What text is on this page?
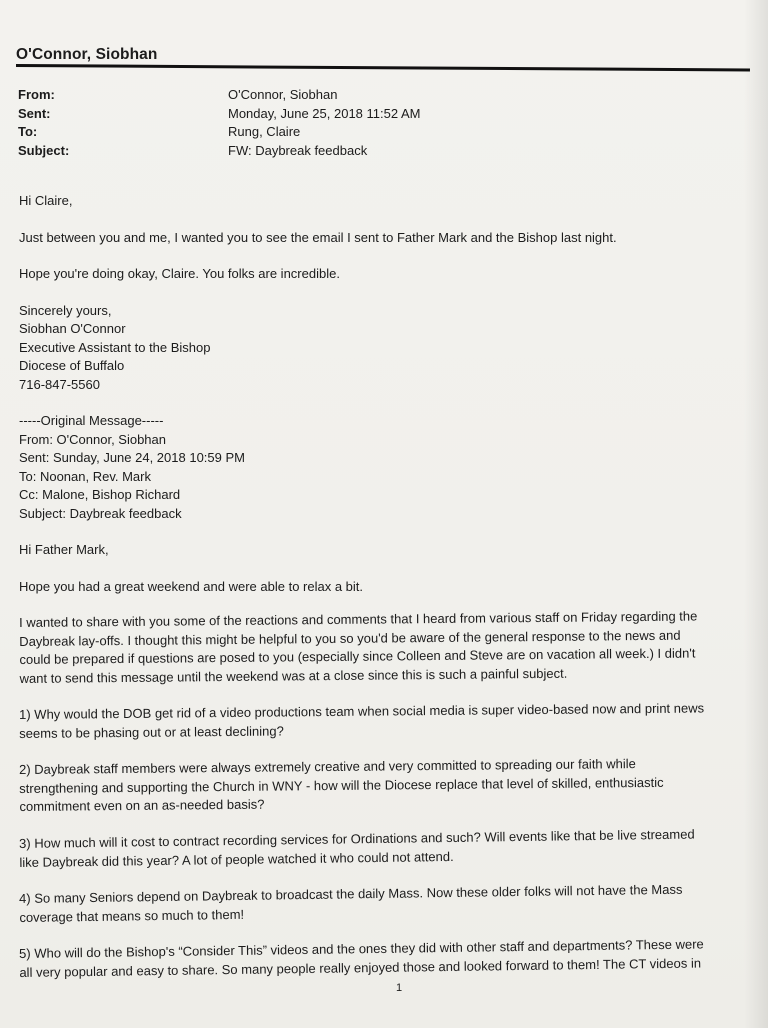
O'Connor, Siobhan
From:	O'Connor, Siobhan
Sent:	Monday, June 25, 2018 11:52 AM
To:	Rung, Claire
Subject:	FW: Daybreak feedback

Hi Claire,

Just between you and me, I wanted you to see the email I sent to Father Mark and the Bishop last night.

Hope you're doing okay, Claire. You folks are incredible.

Sincerely yours,

Siobhan O'Connor

Executive Assistant to the Bishop

Diocese of Buffalo

716-847-5560

-----Original Message-----

From: O'Connor, Siobhan

Sent: Sunday, June 24, 2018 10:59 PM

To: Noonan, Rev. Mark

Cc: Malone, Bishop Richard

Subject: Daybreak feedback

Hi Father Mark,

Hope you had a great weekend and were able to relax a bit.

I wanted to share with you some of the reactions and comments that I heard from various staff on Friday regarding the

Daybreak lay-offs. I thought this might be helpful to you so you'd be aware of the general response to the news and

could be prepared if questions are posed to you (especially since Colleen and Steve are on vacation all week.) I didn't

want to send this message until the weekend was at a close since this is such a painful subject.

1) Why would the DOB get rid of a video productions team when social media is super video-based now and print news

seems to be phasing out or at least declining?

2) Daybreak staff members were always extremely creative and very committed to spreading our faith while

strengthening and supporting the Church in WNY - how will the Diocese replace that level of skilled, enthusiastic

commitment even on an as-needed basis?

3) How much will it cost to contract recording services for Ordinations and such? Will events like that be live streamed

like Daybreak did this year? A lot of people watched it who could not attend.

4) So many Seniors depend on Daybreak to broadcast the daily Mass. Now these older folks will not have the Mass

coverage that means so much to them!

5) Who will do the Bishop's “Consider This” videos and the ones they did with other staff and departments? These were

all very popular and easy to share. So many people really enjoyed those and looked forward to them! The CT videos in

1
